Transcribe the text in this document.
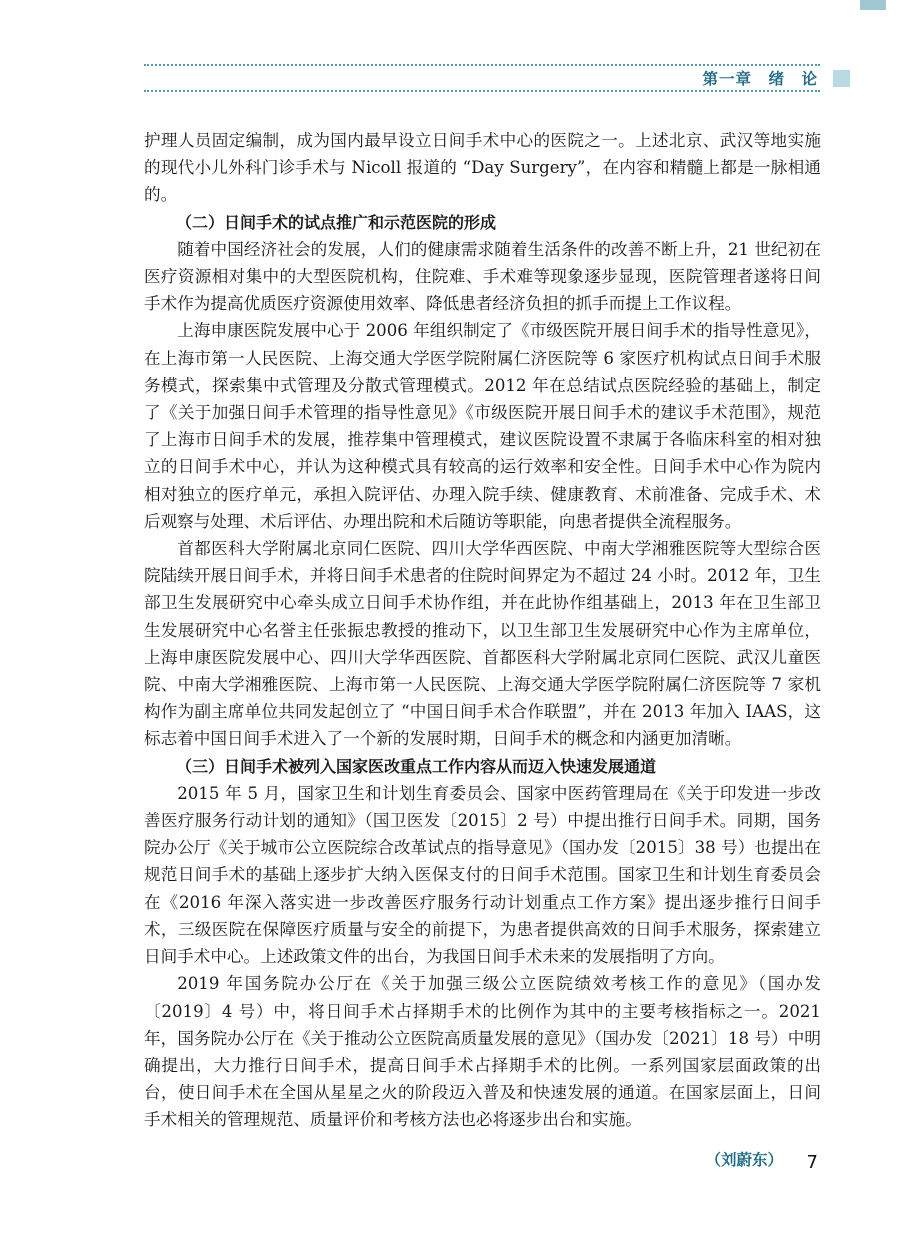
第一章　绪　论

护理人员固定编制，成为国内最早设立日间手术中心的医院之一。上述北京、武汉等地实施的现代小儿外科门诊手术与 Nicoll 报道的 “Day Surgery”，在内容和精髓上都是一脉相通的。

（二）日间手术的试点推广和示范医院的形成

随着中国经济社会的发展，人们的健康需求随着生活条件的改善不断上升，21 世纪初在医疗资源相对集中的大型医院机构，住院难、手术难等现象逐步显现，医院管理者遂将日间手术作为提高优质医疗资源使用效率、降低患者经济负担的抓手而提上工作议程。

上海申康医院发展中心于 2006 年组织制定了《市级医院开展日间手术的指导性意见》，在上海市第一人民医院、上海交通大学医学院附属仁济医院等 6 家医疗机构试点日间手术服务模式，探索集中式管理及分散式管理模式。2012 年在总结试点医院经验的基础上，制定了《关于加强日间手术管理的指导性意见》《市级医院开展日间手术的建议手术范围》，规范了上海市日间手术的发展，推荐集中管理模式，建议医院设置不隶属于各临床科室的相对独立的日间手术中心，并认为这种模式具有较高的运行效率和安全性。日间手术中心作为院内相对独立的医疗单元，承担入院评估、办理入院手续、健康教育、术前准备、完成手术、术后观察与处理、术后评估、办理出院和术后随访等职能，向患者提供全流程服务。

首都医科大学附属北京同仁医院、四川大学华西医院、中南大学湘雅医院等大型综合医院陆续开展日间手术，并将日间手术患者的住院时间界定为不超过 24 小时。2012 年，卫生部卫生发展研究中心牵头成立日间手术协作组，并在此协作组基础上，2013 年在卫生部卫生发展研究中心名誉主任张振忠教授的推动下，以卫生部卫生发展研究中心作为主席单位，上海申康医院发展中心、四川大学华西医院、首都医科大学附属北京同仁医院、武汉儿童医院、中南大学湘雅医院、上海市第一人民医院、上海交通大学医学院附属仁济医院等 7 家机构作为副主席单位共同发起创立了 “中国日间手术合作联盟”，并在 2013 年加入 IAAS，这标志着中国日间手术进入了一个新的发展时期，日间手术的概念和内涵更加清晰。

（三）日间手术被列入国家医改重点工作内容从而迈入快速发展通道

2015 年 5 月，国家卫生和计划生育委员会、国家中医药管理局在《关于印发进一步改善医疗服务行动计划的通知》（国卫医发〔2015〕2 号）中提出推行日间手术。同期，国务院办公厅《关于城市公立医院综合改革试点的指导意见》（国办发〔2015〕38 号）也提出在规范日间手术的基础上逐步扩大纳入医保支付的日间手术范围。国家卫生和计划生育委员会在《2016 年深入落实进一步改善医疗服务行动计划重点工作方案》提出逐步推行日间手术，三级医院在保障医疗质量与安全的前提下，为患者提供高效的日间手术服务，探索建立日间手术中心。上述政策文件的出台，为我国日间手术未来的发展指明了方向。

2019 年国务院办公厅在《关于加强三级公立医院绩效考核工作的意见》（国办发〔2019〕4 号）中，将日间手术占择期手术的比例作为其中的主要考核指标之一。2021 年，国务院办公厅在《关于推动公立医院高质量发展的意见》（国办发〔2021〕18 号）中明确提出，大力推行日间手术，提高日间手术占择期手术的比例。一系列国家层面政策的出台，使日间手术在全国从星星之火的阶段迈入普及和快速发展的通道。在国家层面上，日间手术相关的管理规范、质量评价和考核方法也必将逐步出台和实施。

（刘蔚东）	7
